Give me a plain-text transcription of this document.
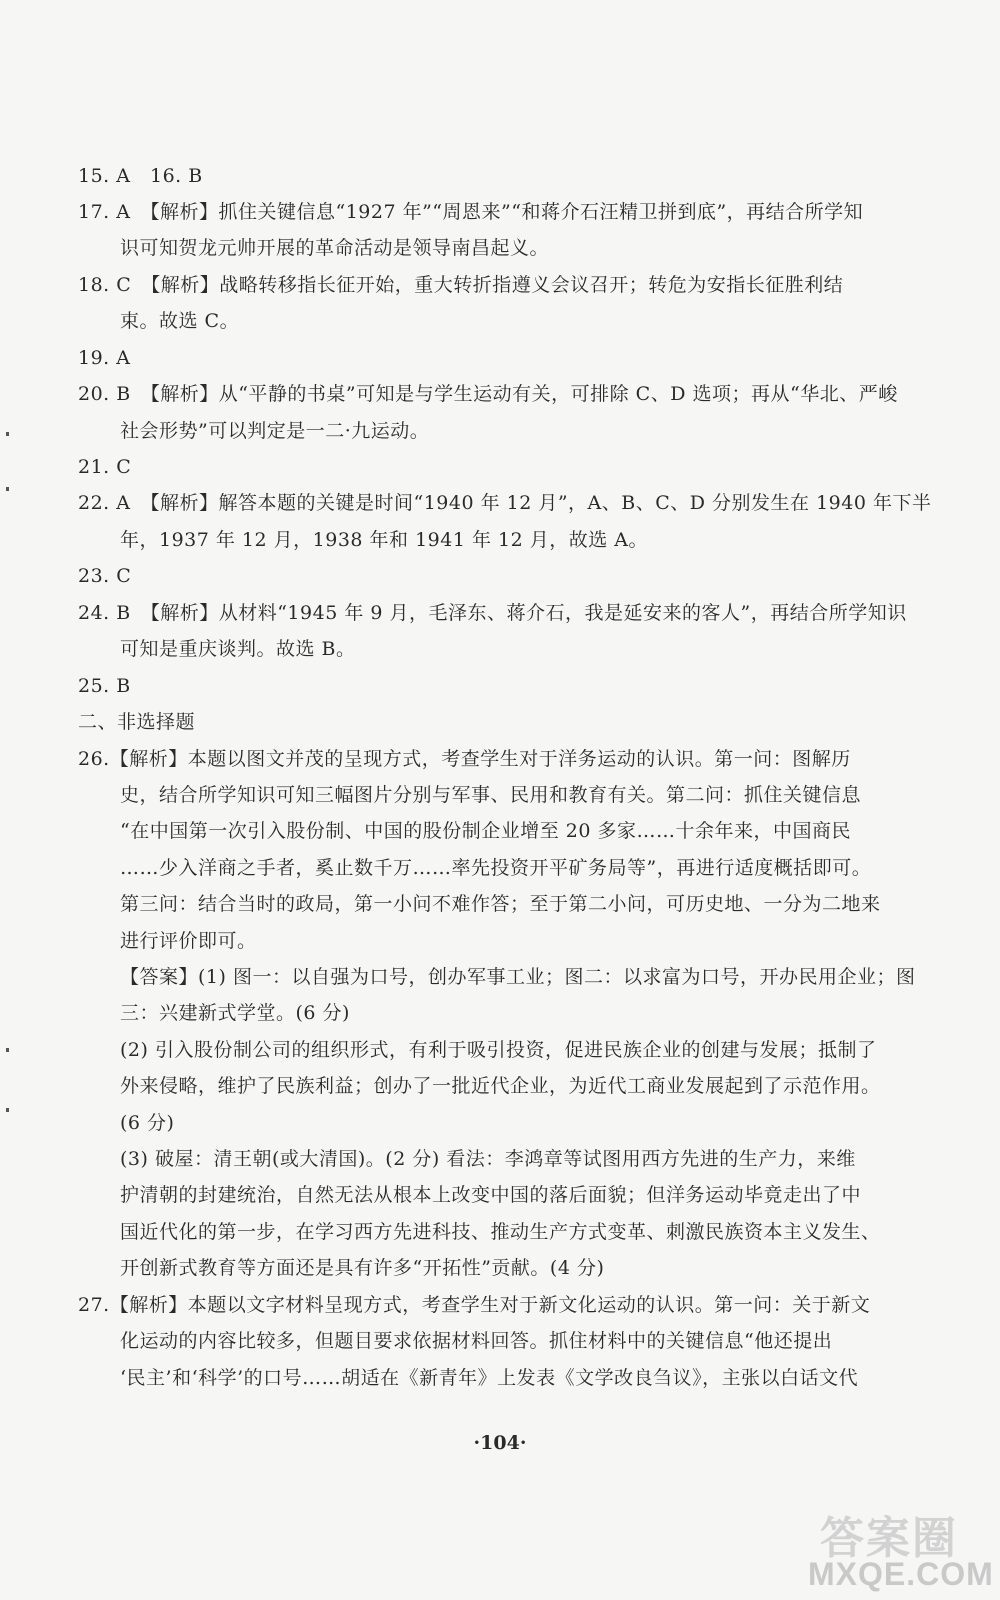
15. A　16. B
17. A　【解析】抓住关键信息“1927 年”“周恩来”“和蒋介石汪精卫拼到底”，再结合所学知
识可知贺龙元帅开展的革命活动是领导南昌起义。
18. C　【解析】战略转移指长征开始，重大转折指遵义会议召开；转危为安指长征胜利结
束。故选 C。
19. A
20. B　【解析】从“平静的书桌”可知是与学生运动有关，可排除 C、D 选项；再从“华北、严峻
社会形势”可以判定是一二·九运动。
21. C
22. A　【解析】解答本题的关键是时间“1940 年 12 月”，A、B、C、D 分别发生在 1940 年下半
年，1937 年 12 月，1938 年和 1941 年 12 月，故选 A。
23. C
24. B　【解析】从材料“1945 年 9 月，毛泽东、蒋介石，我是延安来的客人”，再结合所学知识
可知是重庆谈判。故选 B。
25. B
二、非选择题
26.【解析】本题以图文并茂的呈现方式，考查学生对于洋务运动的认识。第一问：图解历
史，结合所学知识可知三幅图片分别与军事、民用和教育有关。第二问：抓住关键信息
“在中国第一次引入股份制、中国的股份制企业增至 20 多家……十余年来，中国商民
……少入洋商之手者，奚止数千万……率先投资开平矿务局等”，再进行适度概括即可。
第三问：结合当时的政局，第一小问不难作答；至于第二小问，可历史地、一分为二地来
进行评价即可。
【答案】(1) 图一：以自强为口号，创办军事工业；图二：以求富为口号，开办民用企业；图
三：兴建新式学堂。(6 分)
(2) 引入股份制公司的组织形式，有利于吸引投资，促进民族企业的创建与发展；抵制了
外来侵略，维护了民族利益；创办了一批近代企业，为近代工商业发展起到了示范作用。
(6 分)
(3) 破屋：清王朝(或大清国)。(2 分) 看法：李鸿章等试图用西方先进的生产力，来维
护清朝的封建统治，自然无法从根本上改变中国的落后面貌；但洋务运动毕竟走出了中
国近代化的第一步，在学习西方先进科技、推动生产方式变革、刺激民族资本主义发生、
开创新式教育等方面还是具有许多“开拓性”贡献。(4 分)
27.【解析】本题以文字材料呈现方式，考查学生对于新文化运动的认识。第一问：关于新文
化运动的内容比较多，但题目要求依据材料回答。抓住材料中的关键信息“他还提出
‘民主’和‘科学’的口号……胡适在《新青年》上发表《文学改良刍议》，主张以白话文代
·104·
答案圈
MXQE.COM
